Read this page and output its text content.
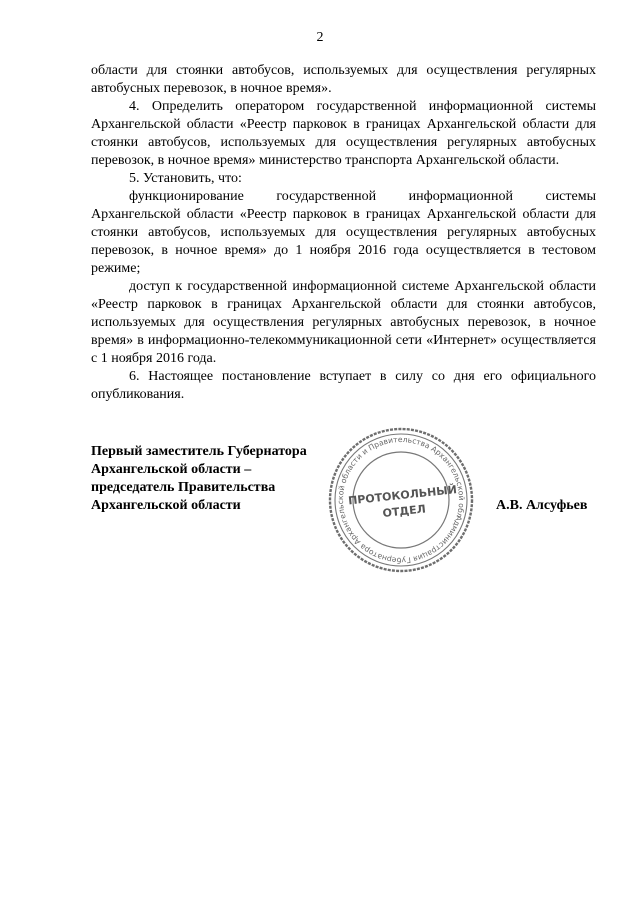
2

области для стоянки автобусов, используемых для осуществления регулярных автобусных перевозок, в ночное время».

4. Определить оператором государственной информационной системы Архангельской области «Реестр парковок в границах Архангельской области для стоянки автобусов, используемых для осуществления регулярных автобусных перевозок, в ночное время» министерство транспорта Архангельской области.

5. Установить, что:

функционирование государственной информационной системы Архангельской области «Реестр парковок в границах Архангельской области для стоянки автобусов, используемых для осуществления регулярных автобусных перевозок, в ночное время» до 1 ноября 2016 года осуществляется в тестовом режиме;

доступ к государственной информационной системе Архангельской области «Реестр парковок в границах Архангельской области для стоянки автобусов, используемых для осуществления регулярных автобусных перевозок, в ночное время» в информационно-телекоммуникационной сети «Интернет» осуществляется с 1 ноября 2016 года.

6. Настоящее постановление вступает в силу со дня его официального опубликования.

Первый заместитель Губернатора
Архангельской области –
председатель Правительства
Архангельской области
Администрация Губернатора Архангельской области и Правительства Архангельской области
ПРОТОКОЛЬНЫЙ
ОТДЕЛ	А.В. Алсуфьев
